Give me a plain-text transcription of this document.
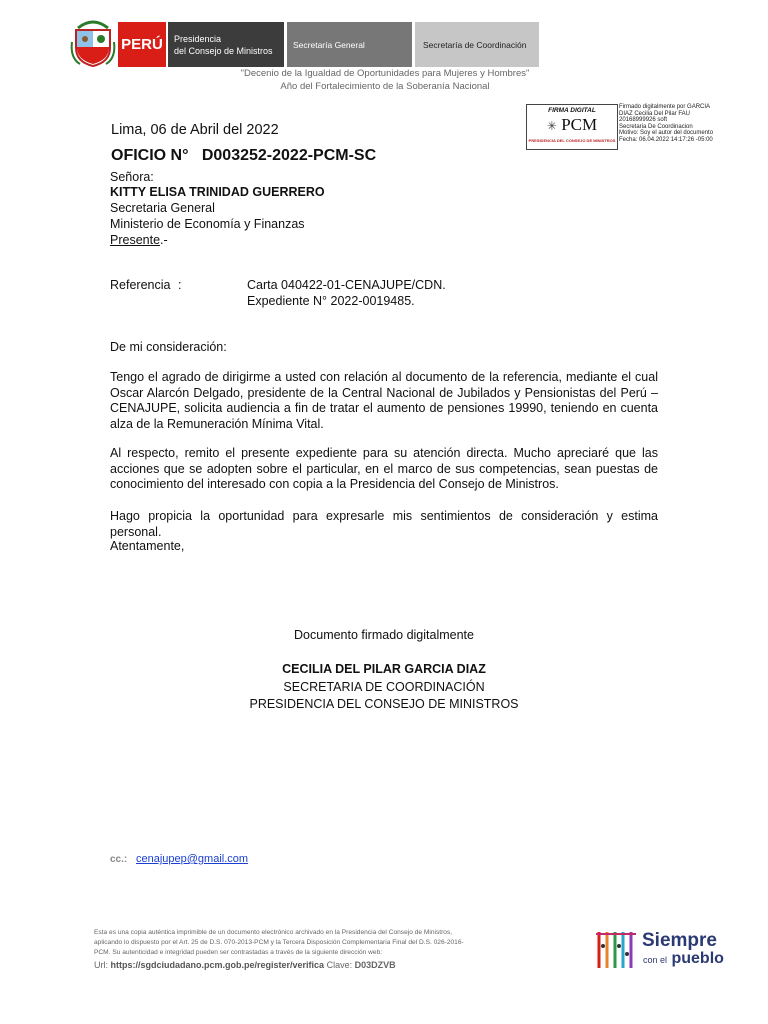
PERÚ	Presidencia
del Consejo de Ministros
Secretaría General	Secretaría de Coordinación
"Decenio de la Igualdad de Oportunidades para Mujeres y Hombres"
Año del Fortalecimiento de la Soberanía Nacional
FIRMA DIGITAL
✳ PCM
PRESIDENCIA DEL CONSEJO DE MINISTROS
Firmado digitalmente por GARCIA
DIAZ Cecilia Del Pilar FAU
20168999926 soft
Secretaria De Coordinacion
Motivo: Soy el autor del documento
Fecha: 06.04.2022 14:17:26 -05:00
Lima, 06 de Abril del 2022
OFICIO N°   D003252-2022-PCM-SC
Señora:
KITTY ELISA TRINIDAD GUERRERO
Secretaria General
Ministerio de Economía y Finanzas
Presente.-
Referencia :	Carta 040422-01-CENAJUPE/CDN.
Expediente N° 2022-0019485.
De mi consideración:
Tengo el agrado de dirigirme a usted con relación al documento de la referencia, mediante el cual Oscar Alarcón Delgado, presidente de la Central Nacional de Jubilados y Pensionistas del Perú – CENAJUPE, solicita audiencia a fin de tratar el aumento de pensiones 19990, teniendo en cuenta alza de la Remuneración Mínima Vital.
Al respecto, remito el presente expediente para su atención directa. Mucho apreciaré que las acciones que se adopten sobre el particular, en el marco de sus competencias, sean puestas de conocimiento del interesado con copia a la Presidencia del Consejo de Ministros.
Hago propicia la oportunidad para expresarle mis sentimientos de consideración y estima personal.
Atentamente,
Documento firmado digitalmente
CECILIA DEL PILAR GARCIA DIAZ
SECRETARIA DE COORDINACIÓN
PRESIDENCIA DEL CONSEJO DE MINISTROS
cc.: cenajupep@gmail.com
Esta es una copia auténtica imprimible de un documento electrónico archivado en la Presidencia del Consejo de Ministros,
aplicando lo dispuesto por el Art. 25 de D.S. 070-2013-PCM y la Tercera Disposición Complementaria Final del D.S. 026-2016-
PCM. Su autenticidad e integridad pueden ser contrastadas a través de la siguiente dirección web:
Url: https://sgdciudadano.pcm.gob.pe/register/verifica Clave: D03DZVB
Siempre
con el pueblo
